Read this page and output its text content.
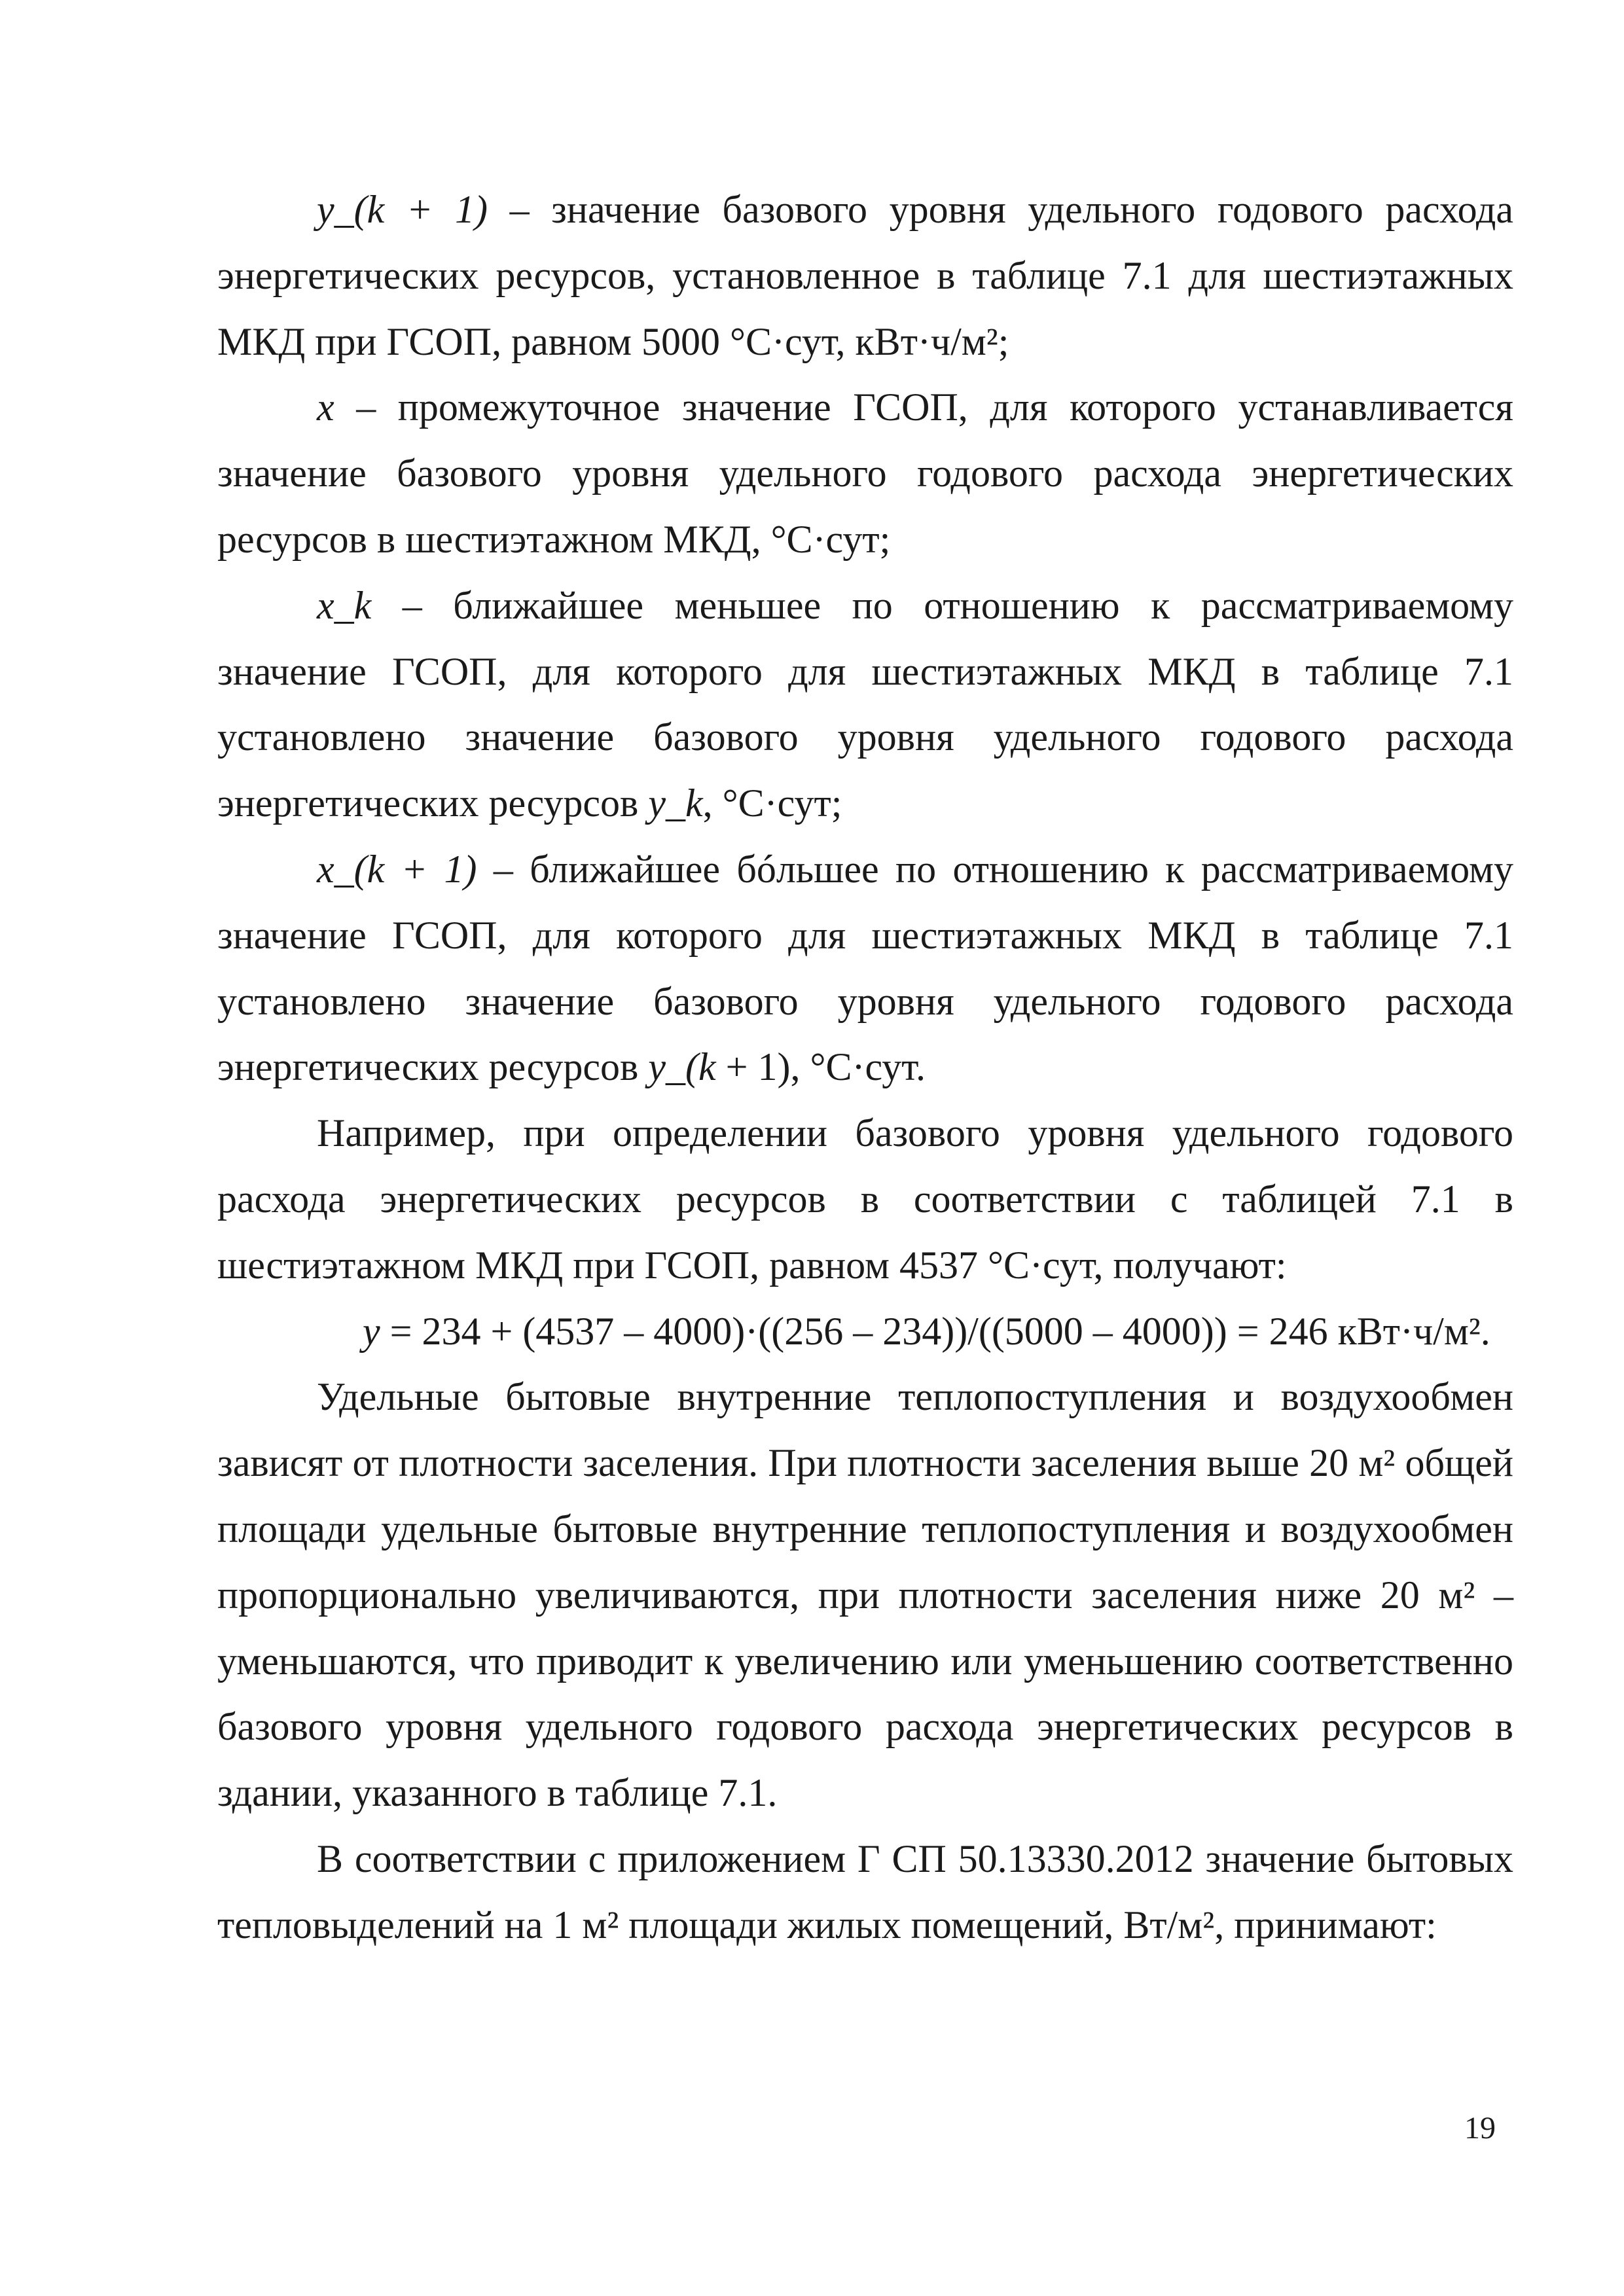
y_(k + 1) – значение базового уровня удельного годового расхода энергетических ресурсов, установленное в таблице 7.1 для шестиэтажных МКД при ГСОП, равном 5000 °С·сут, кВт·ч/м²;

x – промежуточное значение ГСОП, для которого устанавливается значение базового уровня удельного годового расхода энергетических ресурсов в шестиэтажном МКД, °С·сут;

x_k – ближайшее меньшее по отношению к рассматриваемому значение ГСОП, для которого для шестиэтажных МКД в таблице 7.1 установлено значение базового уровня удельного годового расхода энергетических ресурсов y_k, °С·сут;

x_(k + 1) – ближайшее бóльшее по отношению к рассматриваемому значение ГСОП, для которого для шестиэтажных МКД в таблице 7.1 установлено значение базового уровня удельного годового расхода энергетических ресурсов y_(k + 1), °С·сут.

Например, при определении базового уровня удельного годового расхода энергетических ресурсов в соответствии с таблицей 7.1 в шестиэтажном МКД при ГСОП, равном 4537 °С·сут, получают:

y = 234 + (4537 – 4000)·((256 – 234))/((5000 – 4000)) = 246 кВт·ч/м².

Удельные бытовые внутренние теплопоступления и воздухообмен зависят от плотности заселения. При плотности заселения выше 20 м² общей площади удельные бытовые внутренние теплопоступления и воздухообмен пропорционально увеличиваются, при плотности заселения ниже 20 м² – уменьшаются, что приводит к увеличению или уменьшению соответственно базового уровня удельного годового расхода энергетических ресурсов в здании, указанного в таблице 7.1.

В соответствии с приложением Г СП 50.13330.2012 значение бытовых тепловыделений на 1 м² площади жилых помещений, Вт/м², принимают:

19
